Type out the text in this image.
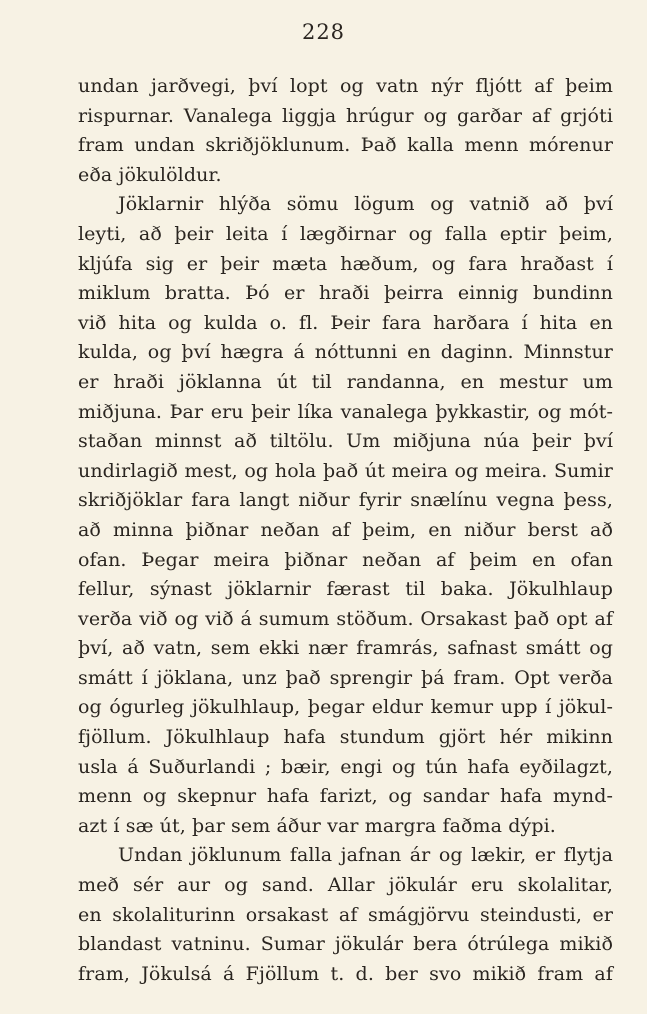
228
undan jarðvegi, því lopt og vatn nýr fljótt af þeim
rispurnar. Vanalega liggja hrúgur og garðar af grjóti
fram undan skriðjöklunum. Það kalla menn mórenur
eða jökulöldur.
Jöklarnir hlýða sömu lögum og vatnið að því
leyti, að þeir leita í lægðirnar og falla eptir þeim,
kljúfa sig er þeir mæta hæðum, og fara hraðast í
miklum bratta. Þó er hraði þeirra einnig bundinn
við hita og kulda o. fl. Þeir fara harðara í hita en
kulda, og því hægra á nóttunni en daginn. Minnstur
er hraði jöklanna út til randanna, en mestur um
miðjuna. Þar eru þeir líka vanalega þykkastir, og mót-
staðan minnst að tiltölu. Um miðjuna núa þeir því
undirlagið mest, og hola það út meira og meira. Sumir
skriðjöklar fara langt niður fyrir snælínu vegna þess,
að minna þiðnar neðan af þeim, en niður berst að
ofan. Þegar meira þiðnar neðan af þeim en ofan
fellur, sýnast jöklarnir færast til baka. Jökulhlaup
verða við og við á sumum stöðum. Orsakast það opt af
því, að vatn, sem ekki nær framrás, safnast smátt og
smátt í jöklana, unz það sprengir þá fram. Opt verða
og ógurleg jökulhlaup, þegar eldur kemur upp í jökul-
fjöllum. Jökulhlaup hafa stundum gjört hér mikinn
usla á Suðurlandi ; bæir, engi og tún hafa eyðilagzt,
menn og skepnur hafa farizt, og sandar hafa mynd-
azt í sæ út, þar sem áður var margra faðma dýpi.
Undan jöklunum falla jafnan ár og lækir, er flytja
með sér aur og sand. Allar jökulár eru skolalitar,
en skolaliturinn orsakast af smágjörvu steindusti, er
blandast vatninu. Sumar jökulár bera ótrúlega mikið
fram, Jökulsá á Fjöllum t. d. ber svo mikið fram af
